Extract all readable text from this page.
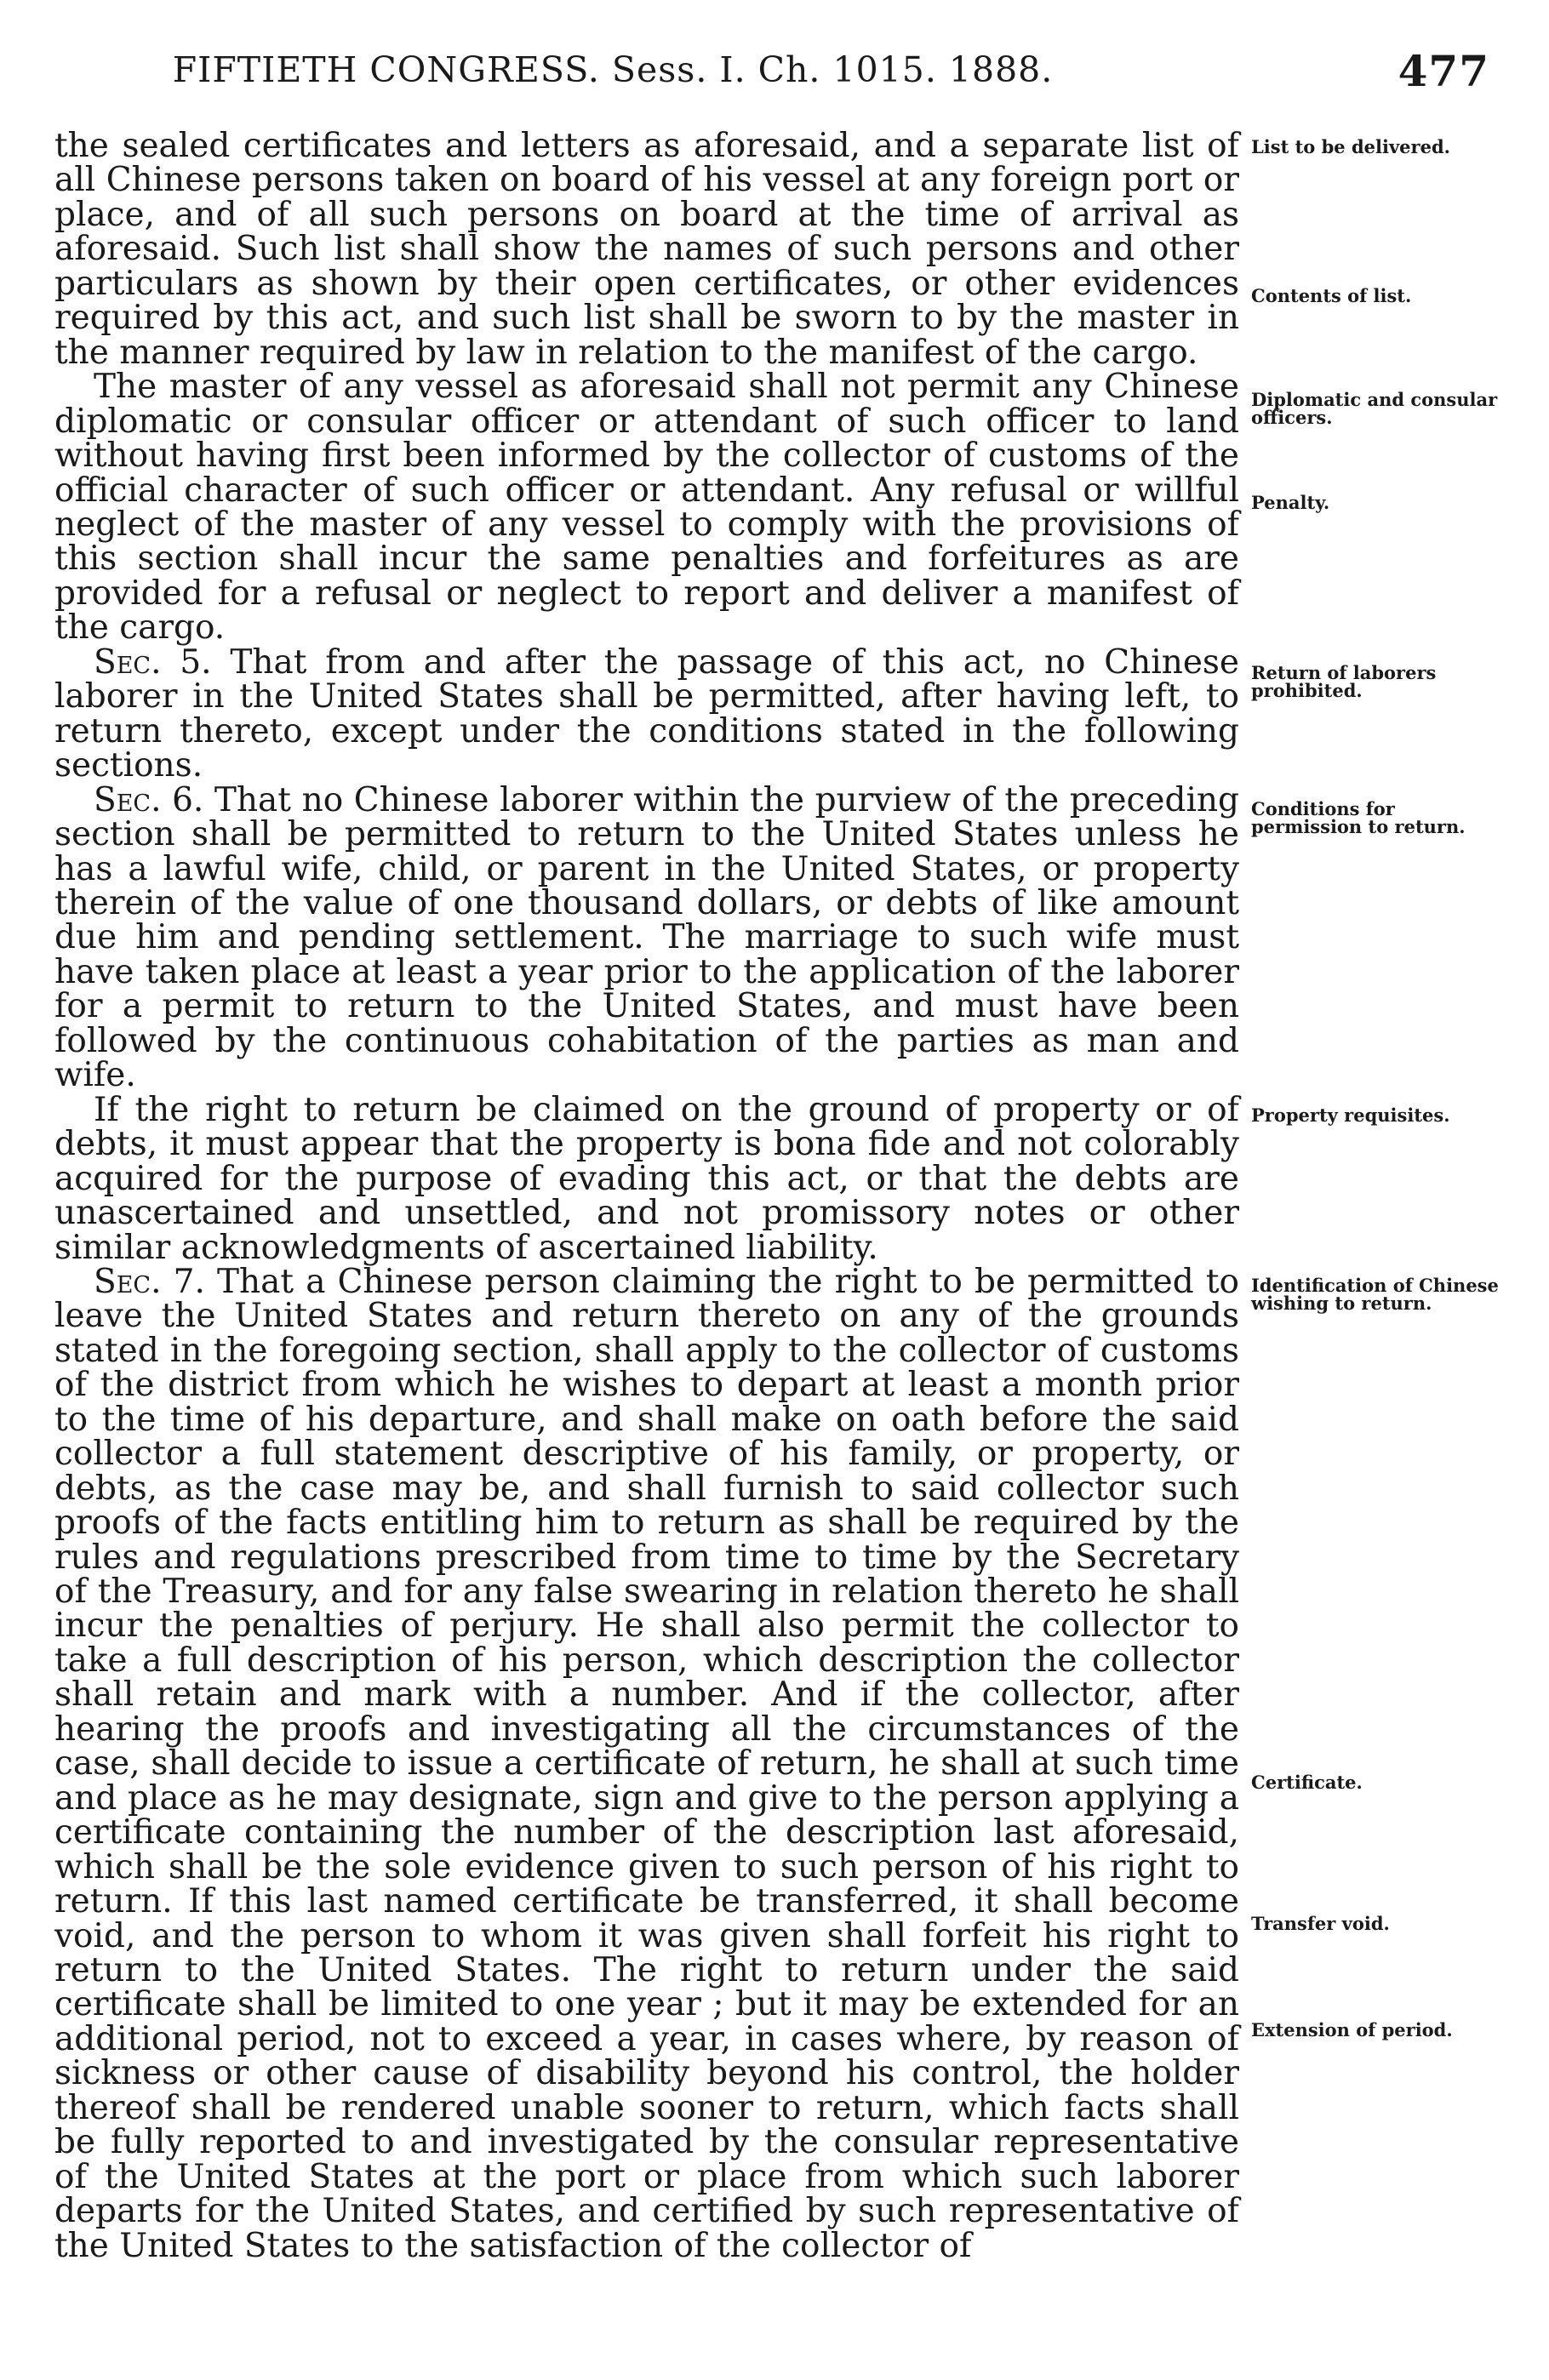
FIFTIETH CONGRESS. Sess. I. Ch. 1015. 1888.	477

the sealed certificates and letters as aforesaid, and a separate list of all Chinese persons taken on board of his vessel at any foreign port or place, and of all such persons on board at the time of arrival as aforesaid. Such list shall show the names of such persons and other particulars as shown by their open certificates, or other evidences required by this act, and such list shall be sworn to by the master in the manner required by law in relation to the manifest of the cargo.

The master of any vessel as aforesaid shall not permit any Chinese diplomatic or consular officer or attendant of such officer to land without having first been informed by the collector of customs of the official character of such officer or attendant. Any refusal or willful neglect of the master of any vessel to comply with the provisions of this section shall incur the same penalties and forfeitures as are provided for a refusal or neglect to report and deliver a manifest of the cargo.

Sec. 5. That from and after the passage of this act, no Chinese laborer in the United States shall be permitted, after having left, to return thereto, except under the conditions stated in the following sections.

Sec. 6. That no Chinese laborer within the purview of the preceding section shall be permitted to return to the United States unless he has a lawful wife, child, or parent in the United States, or property therein of the value of one thousand dollars, or debts of like amount due him and pending settlement. The marriage to such wife must have taken place at least a year prior to the application of the laborer for a permit to return to the United States, and must have been followed by the continuous cohabitation of the parties as man and wife.

If the right to return be claimed on the ground of property or of debts, it must appear that the property is bona fide and not colorably acquired for the purpose of evading this act, or that the debts are unascertained and unsettled, and not promissory notes or other similar acknowledgments of ascertained liability.

Sec. 7. That a Chinese person claiming the right to be permitted to leave the United States and return thereto on any of the grounds stated in the foregoing section, shall apply to the collector of customs of the district from which he wishes to depart at least a month prior to the time of his departure, and shall make on oath before the said collector a full statement descriptive of his family, or property, or debts, as the case may be, and shall furnish to said collector such proofs of the facts entitling him to return as shall be required by the rules and regulations prescribed from time to time by the Secretary of the Treasury, and for any false swearing in relation thereto he shall incur the penalties of perjury. He shall also permit the collector to take a full description of his person, which description the collector shall retain and mark with a number. And if the collector, after hearing the proofs and investigating all the circumstances of the case, shall decide to issue a certificate of return, he shall at such time and place as he may designate, sign and give to the person applying a certificate containing the number of the description last aforesaid, which shall be the sole evidence given to such person of his right to return. If this last named certificate be transferred, it shall become void, and the person to whom it was given shall forfeit his right to return to the United States. The right to return under the said certificate shall be limited to one year ; but it may be extended for an additional period, not to exceed a year, in cases where, by reason of sickness or other cause of disability beyond his control, the holder thereof shall be rendered unable sooner to return, which facts shall be fully reported to and investigated by the consular representative of the United States at the port or place from which such laborer departs for the United States, and certified by such representative of the United States to the satisfaction of the collector of

List to be delivered.
Contents of list.
Diplomatic and consular officers.
Penalty.
Return of laborers prohibited.
Conditions for permission to return.
Property requisites.
Identification of Chinese wishing to return.
Certificate.
Transfer void.
Extension of period.
